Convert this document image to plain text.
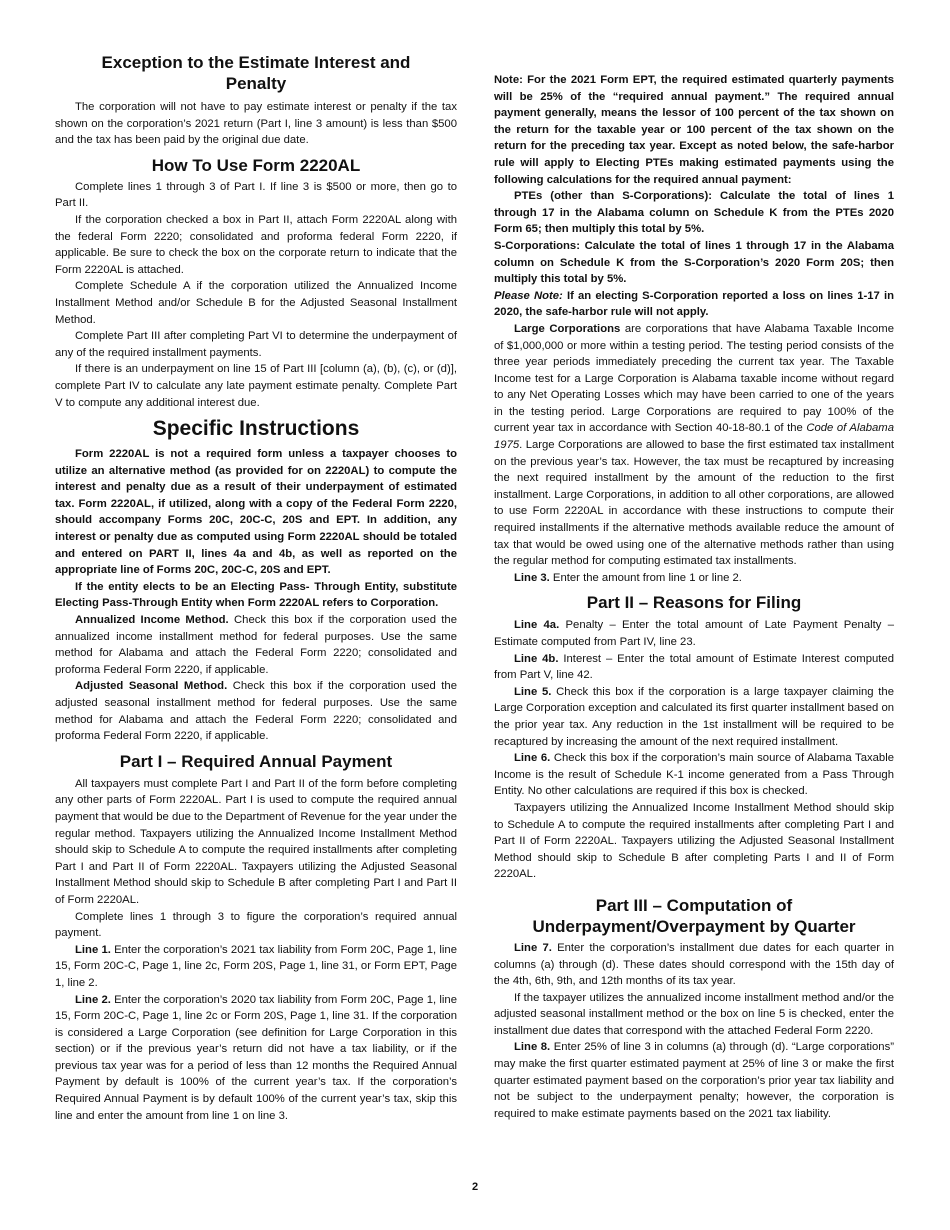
Exception to the Estimate Interest and Penalty

The corporation will not have to pay estimate interest or penalty if the tax shown on the corporation’s 2021 return (Part I, line 3 amount) is less than $500 and the tax has been paid by the original due date.

How To Use Form 2220AL

Complete lines 1 through 3 of Part I. If line 3 is $500 or more, then go to Part II.

If the corporation checked a box in Part II, attach Form 2220AL along with the federal Form 2220; consolidated and proforma federal Form 2220, if applicable. Be sure to check the box on the corporate return to indicate that the Form 2220AL is attached.

Complete Schedule A if the corporation utilized the Annualized Income Installment Method and/or Schedule B for the Adjusted Seasonal Installment Method.

Complete Part III after completing Part VI to determine the underpayment of any of the required installment payments.

If there is an underpayment on line 15 of Part III [column (a), (b), (c), or (d)], complete Part IV to calculate any late payment estimate penalty. Complete Part V to compute any additional interest due.

Specific Instructions

Form 2220AL is not a required form unless a taxpayer chooses to utilize an alternative method (as provided for on 2220AL) to compute the interest and penalty due as a result of their underpayment of estimated tax. Form 2220AL, if utilized, along with a copy of the Federal Form 2220, should accompany Forms 20C, 20C-C, 20S and EPT. In addition, any interest or penalty due as computed using Form 2220AL should be totaled and entered on PART II, lines 4a and 4b, as well as reported on the appropriate line of Forms 20C, 20C-C, 20S and EPT.

If the entity elects to be an Electing Pass- Through Entity, substitute Electing Pass-Through Entity when Form 2220AL refers to Corporation.

Annualized Income Method. Check this box if the corporation used the annualized income installment method for federal purposes. Use the same method for Alabama and attach the Federal Form 2220; consolidated and proforma Federal Form 2220, if applicable.

Adjusted Seasonal Method. Check this box if the corporation used the adjusted seasonal installment method for federal purposes. Use the same method for Alabama and attach the Federal Form 2220; consolidated and proforma Federal Form 2220, if applicable.

Part I – Required Annual Payment

All taxpayers must complete Part I and Part II of the form before completing any other parts of Form 2220AL. Part I is used to compute the required annual payment that would be due to the Department of Revenue for the year under the regular method. Taxpayers utilizing the Annualized Income Installment Method should skip to Schedule A to compute the required installments after completing Part I and Part II of Form 2220AL. Taxpayers utilizing the Adjusted Seasonal Installment Method should skip to Schedule B after completing Part I and Part II of Form 2220AL.

Complete lines 1 through 3 to figure the corporation’s required annual payment.

Line 1. Enter the corporation’s 2021 tax liability from Form 20C, Page 1, line 15, Form 20C-C, Page 1, line 2c, Form 20S, Page 1, line 31, or Form EPT, Page 1, line 2.

Line 2. Enter the corporation’s 2020 tax liability from Form 20C, Page 1, line 15, Form 20C-C, Page 1, line 2c or Form 20S, Page 1, line 31. If the corporation is considered a Large Corporation (see definition for Large Corporation in this section) or if the previous year’s return did not have a tax liability, or if the previous tax year was for a period of less than 12 months the Required Annual Payment by default is 100% of the current year’s tax. If the corporation’s Required Annual Payment is by default 100% of the current year’s tax, skip this line and enter the amount from line 1 on line 3.

Note: For the 2021 Form EPT, the required estimated quarterly payments will be 25% of the “required annual payment.” The required annual payment generally, means the lessor of 100 percent of the tax shown on the return for the taxable year or 100 percent of the tax shown on the return for the preceding tax year. Except as noted below, the safe-harbor rule will apply to Electing PTEs making estimated payments using the following calculations for the required annual payment:

PTEs (other than S-Corporations): Calculate the total of lines 1 through 17 in the Alabama column on Schedule K from the PTEs 2020 Form 65; then multiply this total by 5%.

S-Corporations: Calculate the total of lines 1 through 17 in the Alabama column on Schedule K from the S-Corporation’s 2020 Form 20S; then multiply this total by 5%.

Please Note: If an electing S-Corporation reported a loss on lines 1-17 in 2020, the safe-harbor rule will not apply.

Large Corporations are corporations that have Alabama Taxable Income of $1,000,000 or more within a testing period. The testing period consists of the three year periods immediately preceding the current tax year. The Taxable Income test for a Large Corporation is Alabama taxable income without regard to any Net Operating Losses which may have been carried to one of the years in the testing period. Large Corporations are required to pay 100% of the current year tax in accordance with Section 40-18-80.1 of the Code of Alabama 1975. Large Corporations are allowed to base the first estimated tax installment on the previous year’s tax. However, the tax must be recaptured by increasing the next required installment by the amount of the reduction to the first installment. Large Corporations, in addition to all other corporations, are allowed to use Form 2220AL in accordance with these instructions to compute their required installments if the alternative methods available reduce the amount of tax that would be owed using one of the alternative methods rather than using the regular method for computing estimated tax installments.

Line 3. Enter the amount from line 1 or line 2.

Part II – Reasons for Filing

Line 4a. Penalty – Enter the total amount of Late Payment Penalty – Estimate computed from Part IV, line 23.

Line 4b. Interest – Enter the total amount of Estimate Interest computed from Part V, line 42.

Line 5. Check this box if the corporation is a large taxpayer claiming the Large Corporation exception and calculated its first quarter installment based on the prior year tax. Any reduction in the 1st installment will be required to be recaptured by increasing the amount of the next required installment.

Line 6. Check this box if the corporation’s main source of Alabama Taxable Income is the result of Schedule K-1 income generated from a Pass Through Entity. No other calculations are required if this box is checked.

Taxpayers utilizing the Annualized Income Installment Method should skip to Schedule A to compute the required installments after completing Part I and Part II of Form 2220AL. Taxpayers utilizing the Adjusted Seasonal Installment Method should skip to Schedule B after completing Parts I and II of Form 2220AL.

Part III – Computation of
Underpayment/Overpayment by Quarter

Line 7. Enter the corporation’s installment due dates for each quarter in columns (a) through (d). These dates should correspond with the 15th day of the 4th, 6th, 9th, and 12th months of its tax year.

If the taxpayer utilizes the annualized income installment method and/or the adjusted seasonal installment method or the box on line 5 is checked, enter the installment due dates that correspond with the attached Federal Form 2220.

Line 8. Enter 25% of line 3 in columns (a) through (d). “Large corporations” may make the first quarter estimated payment at 25% of line 3 or make the first quarter estimated payment based on the corporation’s prior year tax liability and not be subject to the underpayment penalty; however, the corporation is required to make estimate payments based on the 2021 tax liability.

2
